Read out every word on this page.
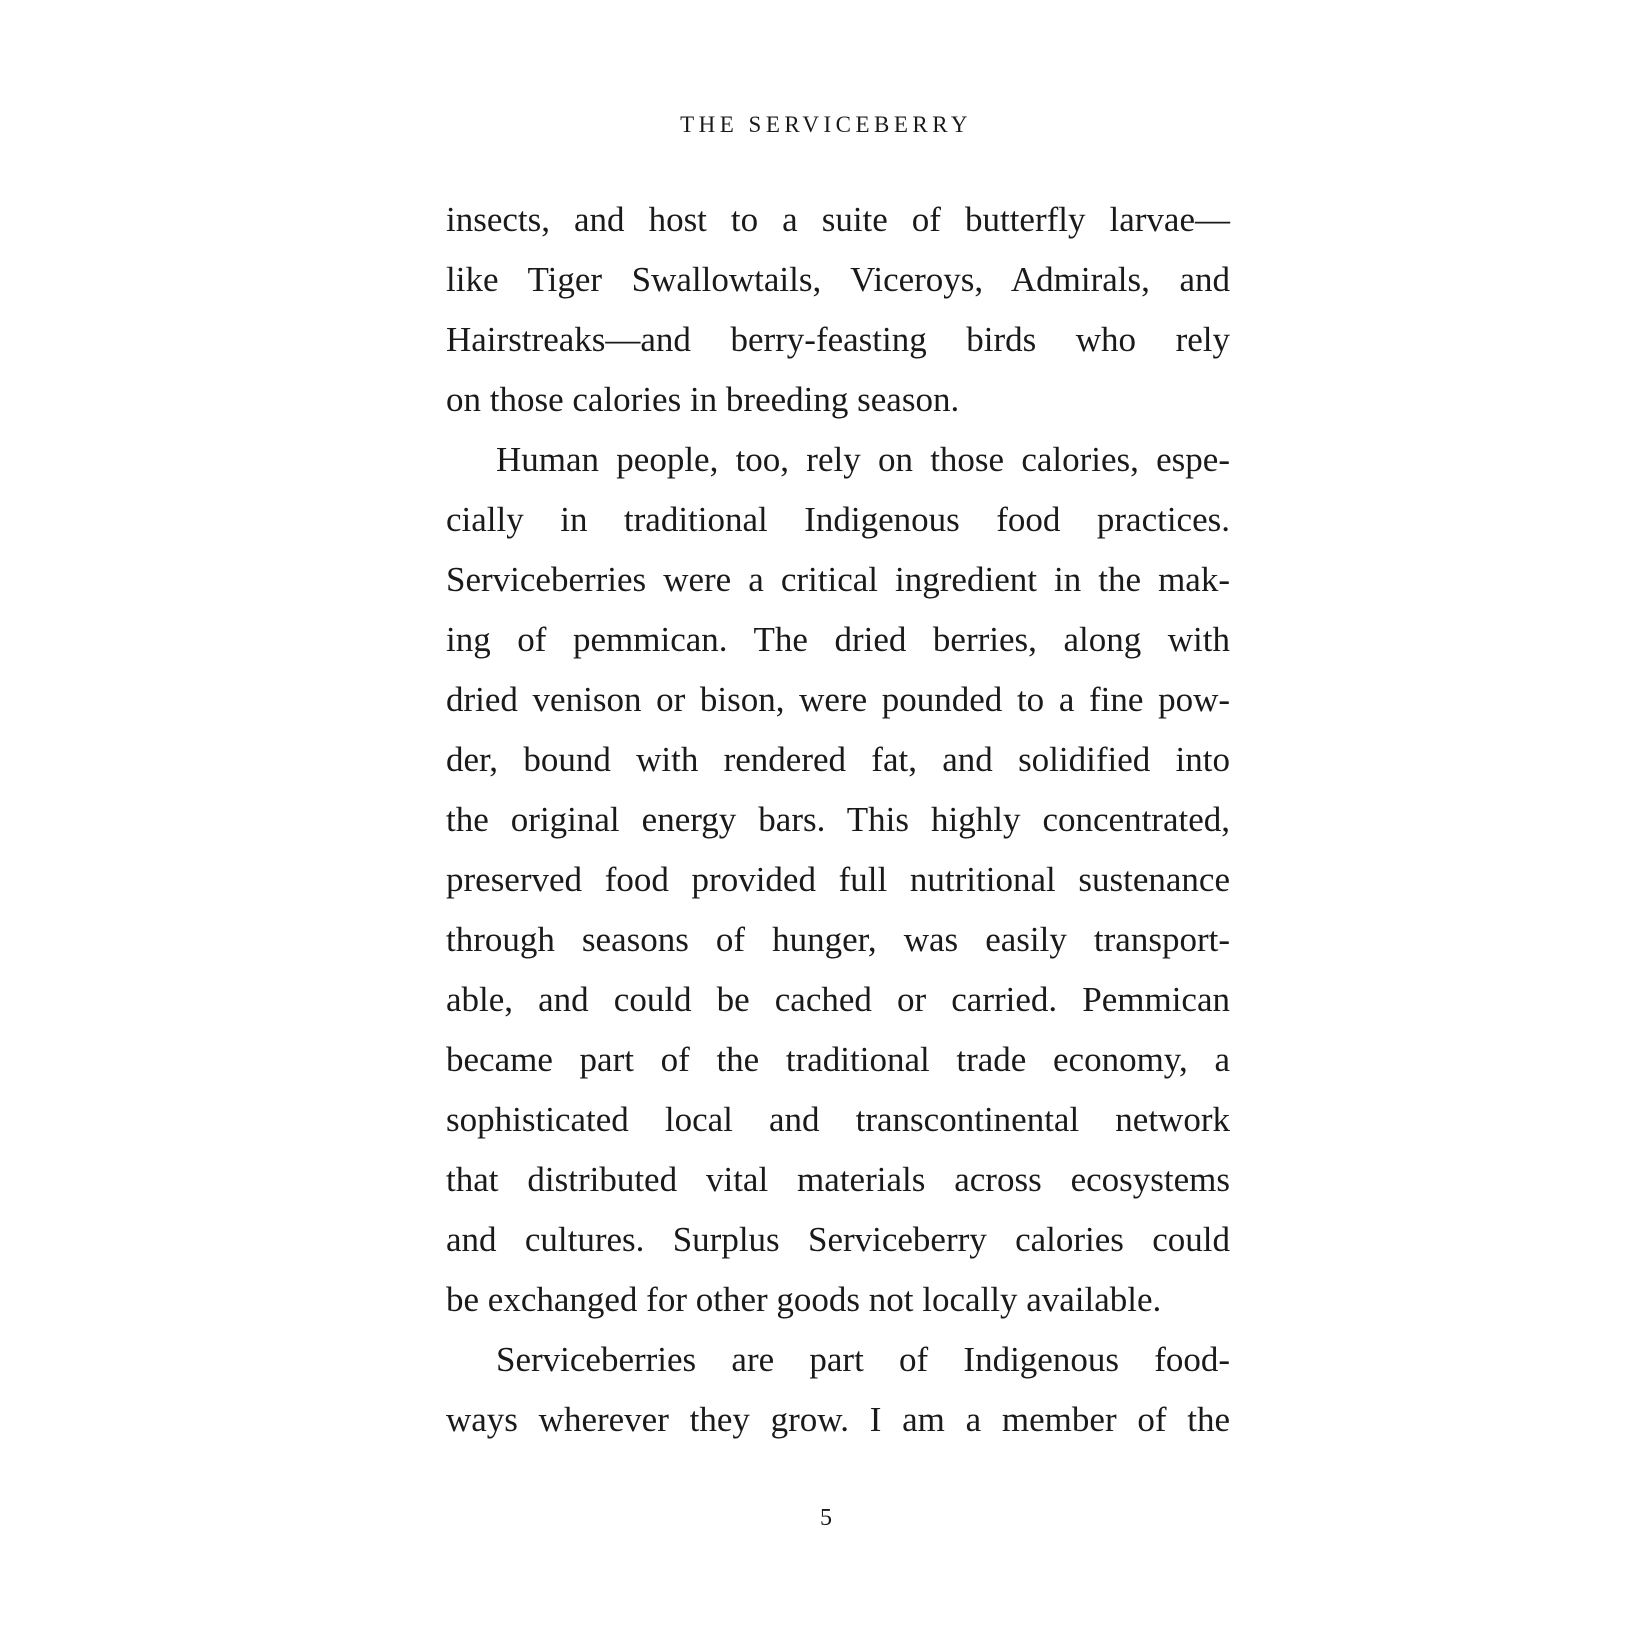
THE SERVICEBERRY
insects, and host to a suite of butterfly larvae—
like Tiger Swallowtails, Viceroys, Admirals, and
Hairstreaks—and berry-feasting birds who rely
on those calories in breeding season.
Human people, too, rely on those calories, espe-
cially in traditional Indigenous food practices.
Serviceberries were a critical ingredient in the mak-
ing of pemmican. The dried berries, along with
dried venison or bison, were pounded to a fine pow-
der, bound with rendered fat, and solidified into
the original energy bars. This highly concentrated,
preserved food provided full nutritional sustenance
through seasons of hunger, was easily transport-
able, and could be cached or carried. Pemmican
became part of the traditional trade economy, a
sophisticated local and transcontinental network
that distributed vital materials across ecosystems
and cultures. Surplus Serviceberry calories could
be exchanged for other goods not locally available.
Serviceberries are part of Indigenous food-
ways wherever they grow. I am a member of the
5
